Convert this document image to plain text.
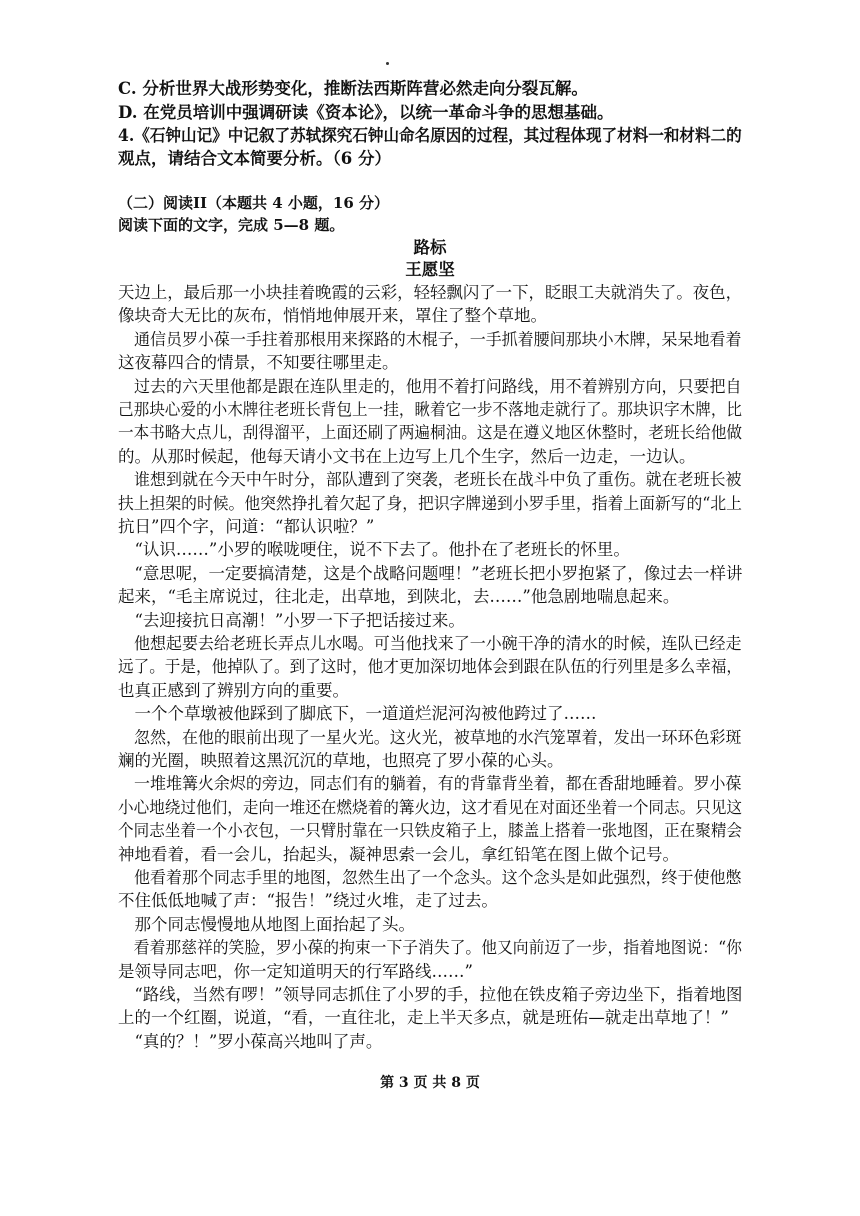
C. 分析世界大战形势变化，推断法西斯阵营必然走向分裂瓦解。
D. 在党员培训中强调研读《资本论》，以统一革命斗争的思想基础。
4.《石钟山记》中记叙了苏轼探究石钟山命名原因的过程，其过程体现了材料一和材料二的
观点，请结合文本简要分析。（6 分）
（二）阅读II（本题共 4 小题，16 分）
阅读下面的文字，完成 5—8 题。
路标
王愿坚
天边上，最后那一小块挂着晚霞的云彩，轻轻飘闪了一下，眨眼工夫就消失了。夜色，
像块奇大无比的灰布，悄悄地伸展开来，罩住了整个草地。
　通信员罗小葆一手拄着那根用来探路的木棍子，一手抓着腰间那块小木牌，呆呆地看着
这夜幕四合的情景，不知要往哪里走。
　过去的六天里他都是跟在连队里走的，他用不着打问路线，用不着辨别方向，只要把自
己那块心爱的小木牌往老班长背包上一挂，瞅着它一步不落地走就行了。那块识字木牌，比
一本书略大点儿，刮得溜平，上面还刷了两遍桐油。这是在遵义地区休整时，老班长给他做
的。从那时候起，他每天请小文书在上边写上几个生字，然后一边走，一边认。
　谁想到就在今天中午时分，部队遭到了突袭，老班长在战斗中负了重伤。就在老班长被
扶上担架的时候。他突然挣扎着欠起了身，把识字牌递到小罗手里，指着上面新写的“北上
抗日”四个字，问道：“都认识啦？”
　“认识……”小罗的喉咙哽住，说不下去了。他扑在了老班长的怀里。
　“意思呢，一定要搞清楚，这是个战略问题哩！”老班长把小罗抱紧了，像过去一样讲
起来，“毛主席说过，往北走，出草地，到陕北，去……”他急剧地喘息起来。
　“去迎接抗日高潮！”小罗一下子把话接过来。
　他想起要去给老班长弄点儿水喝。可当他找来了一小碗干净的清水的时候，连队已经走
远了。于是，他掉队了。到了这时，他才更加深切地体会到跟在队伍的行列里是多么幸福，
也真正感到了辨别方向的重要。
　一个个草墩被他踩到了脚底下，一道道烂泥河沟被他跨过了……
　忽然，在他的眼前出现了一星火光。这火光，被草地的水汽笼罩着，发出一环环色彩斑
斓的光圈，映照着这黑沉沉的草地，也照亮了罗小葆的心头。
　一堆堆篝火余烬的旁边，同志们有的躺着，有的背靠背坐着，都在香甜地睡着。罗小葆
小心地绕过他们，走向一堆还在燃烧着的篝火边，这才看见在对面还坐着一个同志。只见这
个同志坐着一个小衣包，一只臂肘靠在一只铁皮箱子上，膝盖上搭着一张地图，正在聚精会
神地看着，看一会儿，抬起头，凝神思索一会儿，拿红铅笔在图上做个记号。
　他看着那个同志手里的地图，忽然生出了一个念头。这个念头是如此强烈，终于使他憋
不住低低地喊了声：“报告！”绕过火堆，走了过去。
　那个同志慢慢地从地图上面抬起了头。
　看着那慈祥的笑脸，罗小葆的拘束一下子消失了。他又向前迈了一步，指着地图说：“你
是领导同志吧，你一定知道明天的行军路线……”
　“路线，当然有啰！”领导同志抓住了小罗的手，拉他在铁皮箱子旁边坐下，指着地图
上的一个红圈，说道，“看，一直往北，走上半天多点，就是班佑—就走出草地了！”
　“真的？！”罗小葆高兴地叫了声。
第 3 页 共 8 页
